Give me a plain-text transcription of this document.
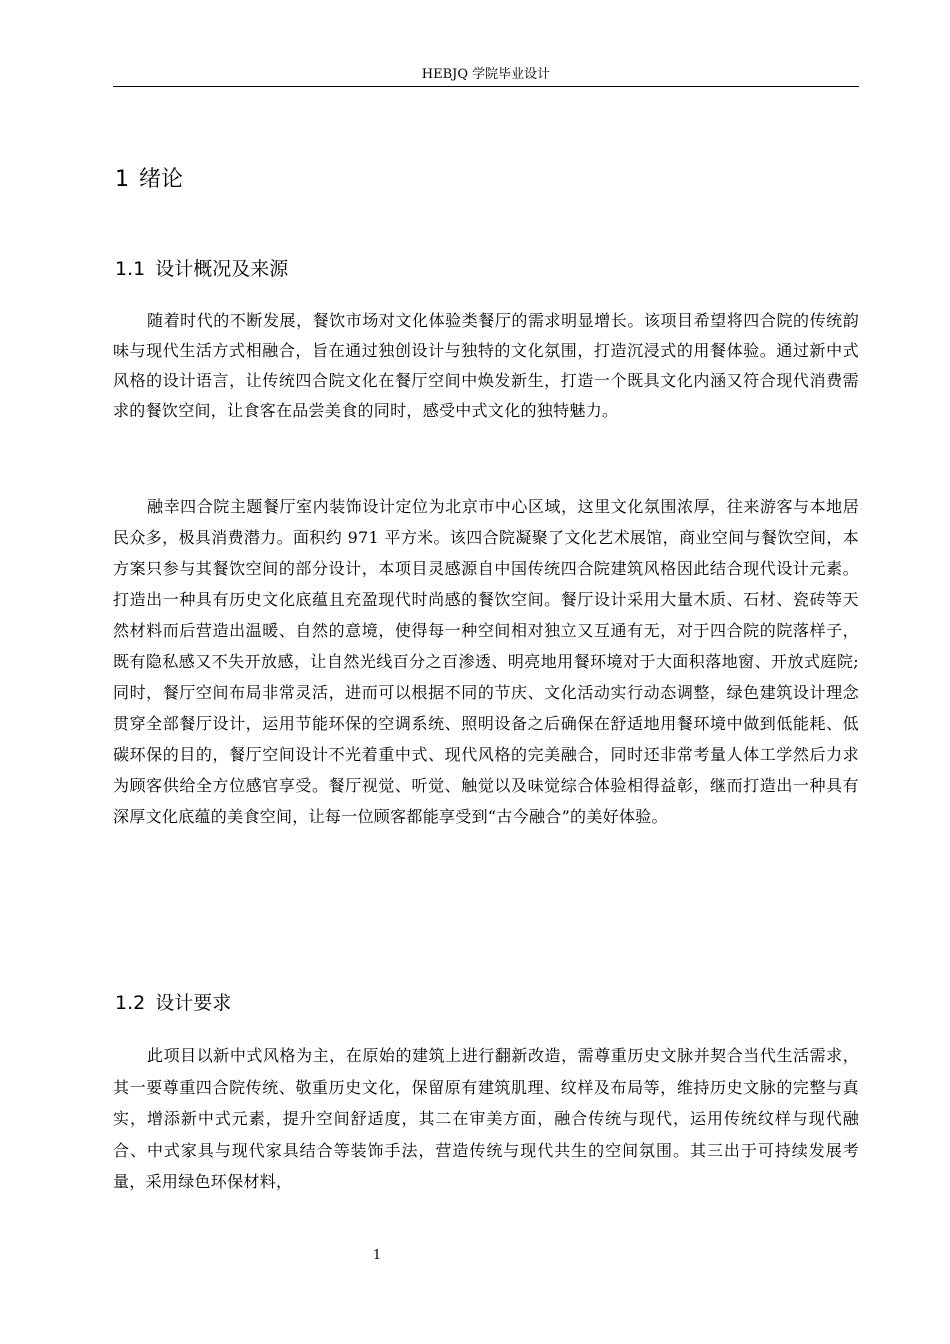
HEBJQ 学院毕业设计
1 绪论
1.1 设计概况及来源

随着时代的不断发展，餐饮市场对文化体验类餐厅的需求明显增长。该项目希望将四合院的传统韵味与现代生活方式相融合，旨在通过独创设计与独特的文化氛围，打造沉浸式的用餐体验。通过新中式风格的设计语言，让传统四合院文化在餐厅空间中焕发新生，打造一个既具文化内涵又符合现代消费需求的餐饮空间，让食客在品尝美食的同时，感受中式文化的独特魅力。

融幸四合院主题餐厅室内装饰设计定位为北京市中心区域，这里文化氛围浓厚，往来游客与本地居民众多，极具消费潜力。面积约 971 平方米。该四合院凝聚了文化艺术展馆，商业空间与餐饮空间，本方案只参与其餐饮空间的部分设计，本项目灵感源自中国传统四合院建筑风格因此结合现代设计元素。打造出一种具有历史文化底蕴且充盈现代时尚感的餐饮空间。餐厅设计采用大量木质、石材、瓷砖等天然材料而后营造出温暖、自然的意境，使得每一种空间相对独立又互通有无，对于四合院的院落样子，既有隐私感又不失开放感，让自然光线百分之百渗透、明亮地用餐环境对于大面积落地窗、开放式庭院;同时，餐厅空间布局非常灵活，进而可以根据不同的节庆、文化活动实行动态调整，绿色建筑设计理念贯穿全部餐厅设计，运用节能环保的空调系统、照明设备之后确保在舒适地用餐环境中做到低能耗、低碳环保的目的，餐厅空间设计不光着重中式、现代风格的完美融合，同时还非常考量人体工学然后力求为顾客供给全方位感官享受。餐厅视觉、听觉、触觉以及味觉综合体验相得益彰，继而打造出一种具有深厚文化底蕴的美食空间，让每一位顾客都能享受到“古今融合”的美好体验。

1.2 设计要求

此项目以新中式风格为主，在原始的建筑上进行翻新改造，需尊重历史文脉并契合当代生活需求，其一要尊重四合院传统、敬重历史文化，保留原有建筑肌理、纹样及布局等，维持历史文脉的完整与真实，增添新中式元素，提升空间舒适度，其二在审美方面，融合传统与现代，运用传统纹样与现代融合、中式家具与现代家具结合等装饰手法，营造传统与现代共生的空间氛围。其三出于可持续发展考量，采用绿色环保材料，

1
